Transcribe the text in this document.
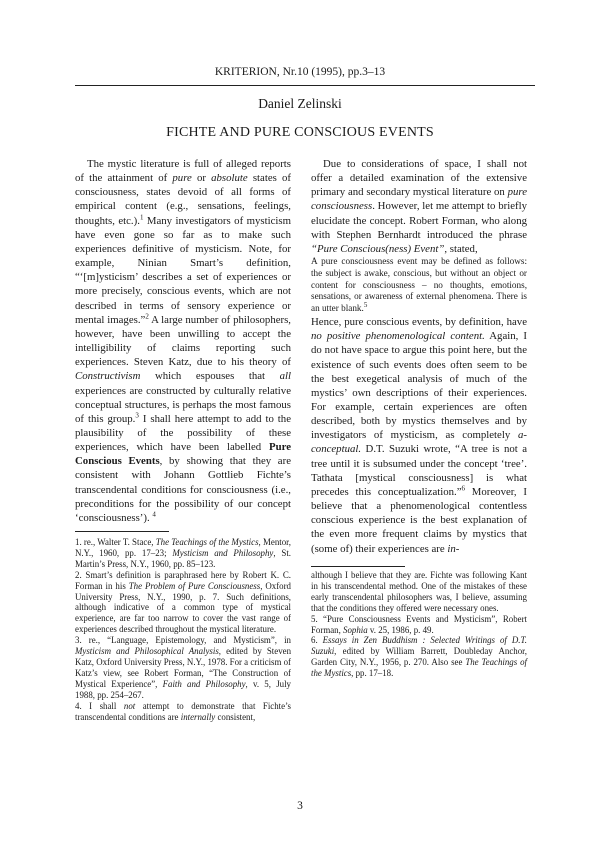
KRITERION, Nr.10 (1995), pp.3–13
Daniel Zelinski
FICHTE AND PURE CONSCIOUS EVENTS

The mystic literature is full of alleged reports of the attainment of pure or absolute states of consciousness, states devoid of all forms of empirical content (e.g., sensations, feelings, thoughts, etc.).$^1$ Many investigators of mysticism have even gone so far as to make such experiences definitive of mysticism. Note, for example, Ninian Smart’s definition, “‘[m]ysticism’ describes a set of experiences or more precisely, conscious events, which are not described in terms of sensory experience or mental images.”$^2$ A large number of philosophers, however, have been unwilling to accept the intelligibility of claims reporting such experiences. Steven Katz, due to his theory of Constructivism which espouses that all experiences are constructed by culturally relative conceptual structures, is perhaps the most famous of this group.$^3$ I shall here attempt to add to the plausibility of the possibility of these experiences, which have been labelled Pure Conscious Events, by showing that they are consistent with Johann Gottlieb Fichte’s transcendental conditions for consciousness (i.e., preconditions for the possibility of our concept ‘consciousness’). $^4$

Due to considerations of space, I shall not offer a detailed examination of the extensive primary and secondary mystical literature on pure consciousness. However, let me attempt to briefly elucidate the concept. Robert Forman, who along with Stephen Bernhardt introduced the phrase “Pure Conscious(ness) Event”, stated,

A pure consciousness event may be defined as follows: the subject is awake, conscious, but without an object or content for consciousness – no thoughts, emotions, sensations, or awareness of external phenomena. There is an utter blank.$^5$

Hence, pure conscious events, by definition, have no positive phenomenological content. Again, I do not have space to argue this point here, but the existence of such events does often seem to be the best exegetical analysis of much of the mystics’ own descriptions of their experiences. For example, certain experiences are often described, both by mystics themselves and by investigators of mysticism, as completely a-conceptual. D.T. Suzuki wrote, “A tree is not a tree until it is subsumed under the concept ‘tree’. Tathata [mystical consciousness] is what precedes this conceptualization.”$^6$ Moreover, I believe that a phenomenological contentless conscious experience is the best explanation of the even more frequent claims by mystics that (some of) their experiences are in-

1. re., Walter T. Stace, The Teachings of the Mystics, Mentor, N.Y., 1960, pp. 17–23; Mysticism and Philosophy, St. Martin’s Press, N.Y., 1960, pp. 85–123.

2. Smart’s definition is paraphrased here by Robert K. C. Forman in his The Problem of Pure Consciousness, Oxford University Press, N.Y., 1990, p. 7. Such definitions, although indicative of a common type of mystical experience, are far too narrow to cover the vast range of experiences described throughout the mystical literature.

3. re., “Language, Epistemology, and Mysticism”, in Mysticism and Philosophical Analysis, edited by Steven Katz, Oxford University Press, N.Y., 1978. For a criticism of Katz’s view, see Robert Forman, “The Construction of Mystical Experience”, Faith and Philosophy, v. 5, July 1988, pp. 254–267.

4. I shall not attempt to demonstrate that Fichte’s transcendental conditions are internally consistent,

although I believe that they are. Fichte was following Kant in his transcendental method. One of the mistakes of these early transcendental philosophers was, I believe, assuming that the conditions they offered were necessary ones.

5. “Pure Consciousness Events and Mysticism”, Robert Forman, Sophia v. 25, 1986, p. 49.

6. Essays in Zen Buddhism : Selected Writings of D.T. Suzuki, edited by William Barrett, Doubleday Anchor, Garden City, N.Y., 1956, p. 270. Also see The Teachings of the Mystics, pp. 17–18.

3
